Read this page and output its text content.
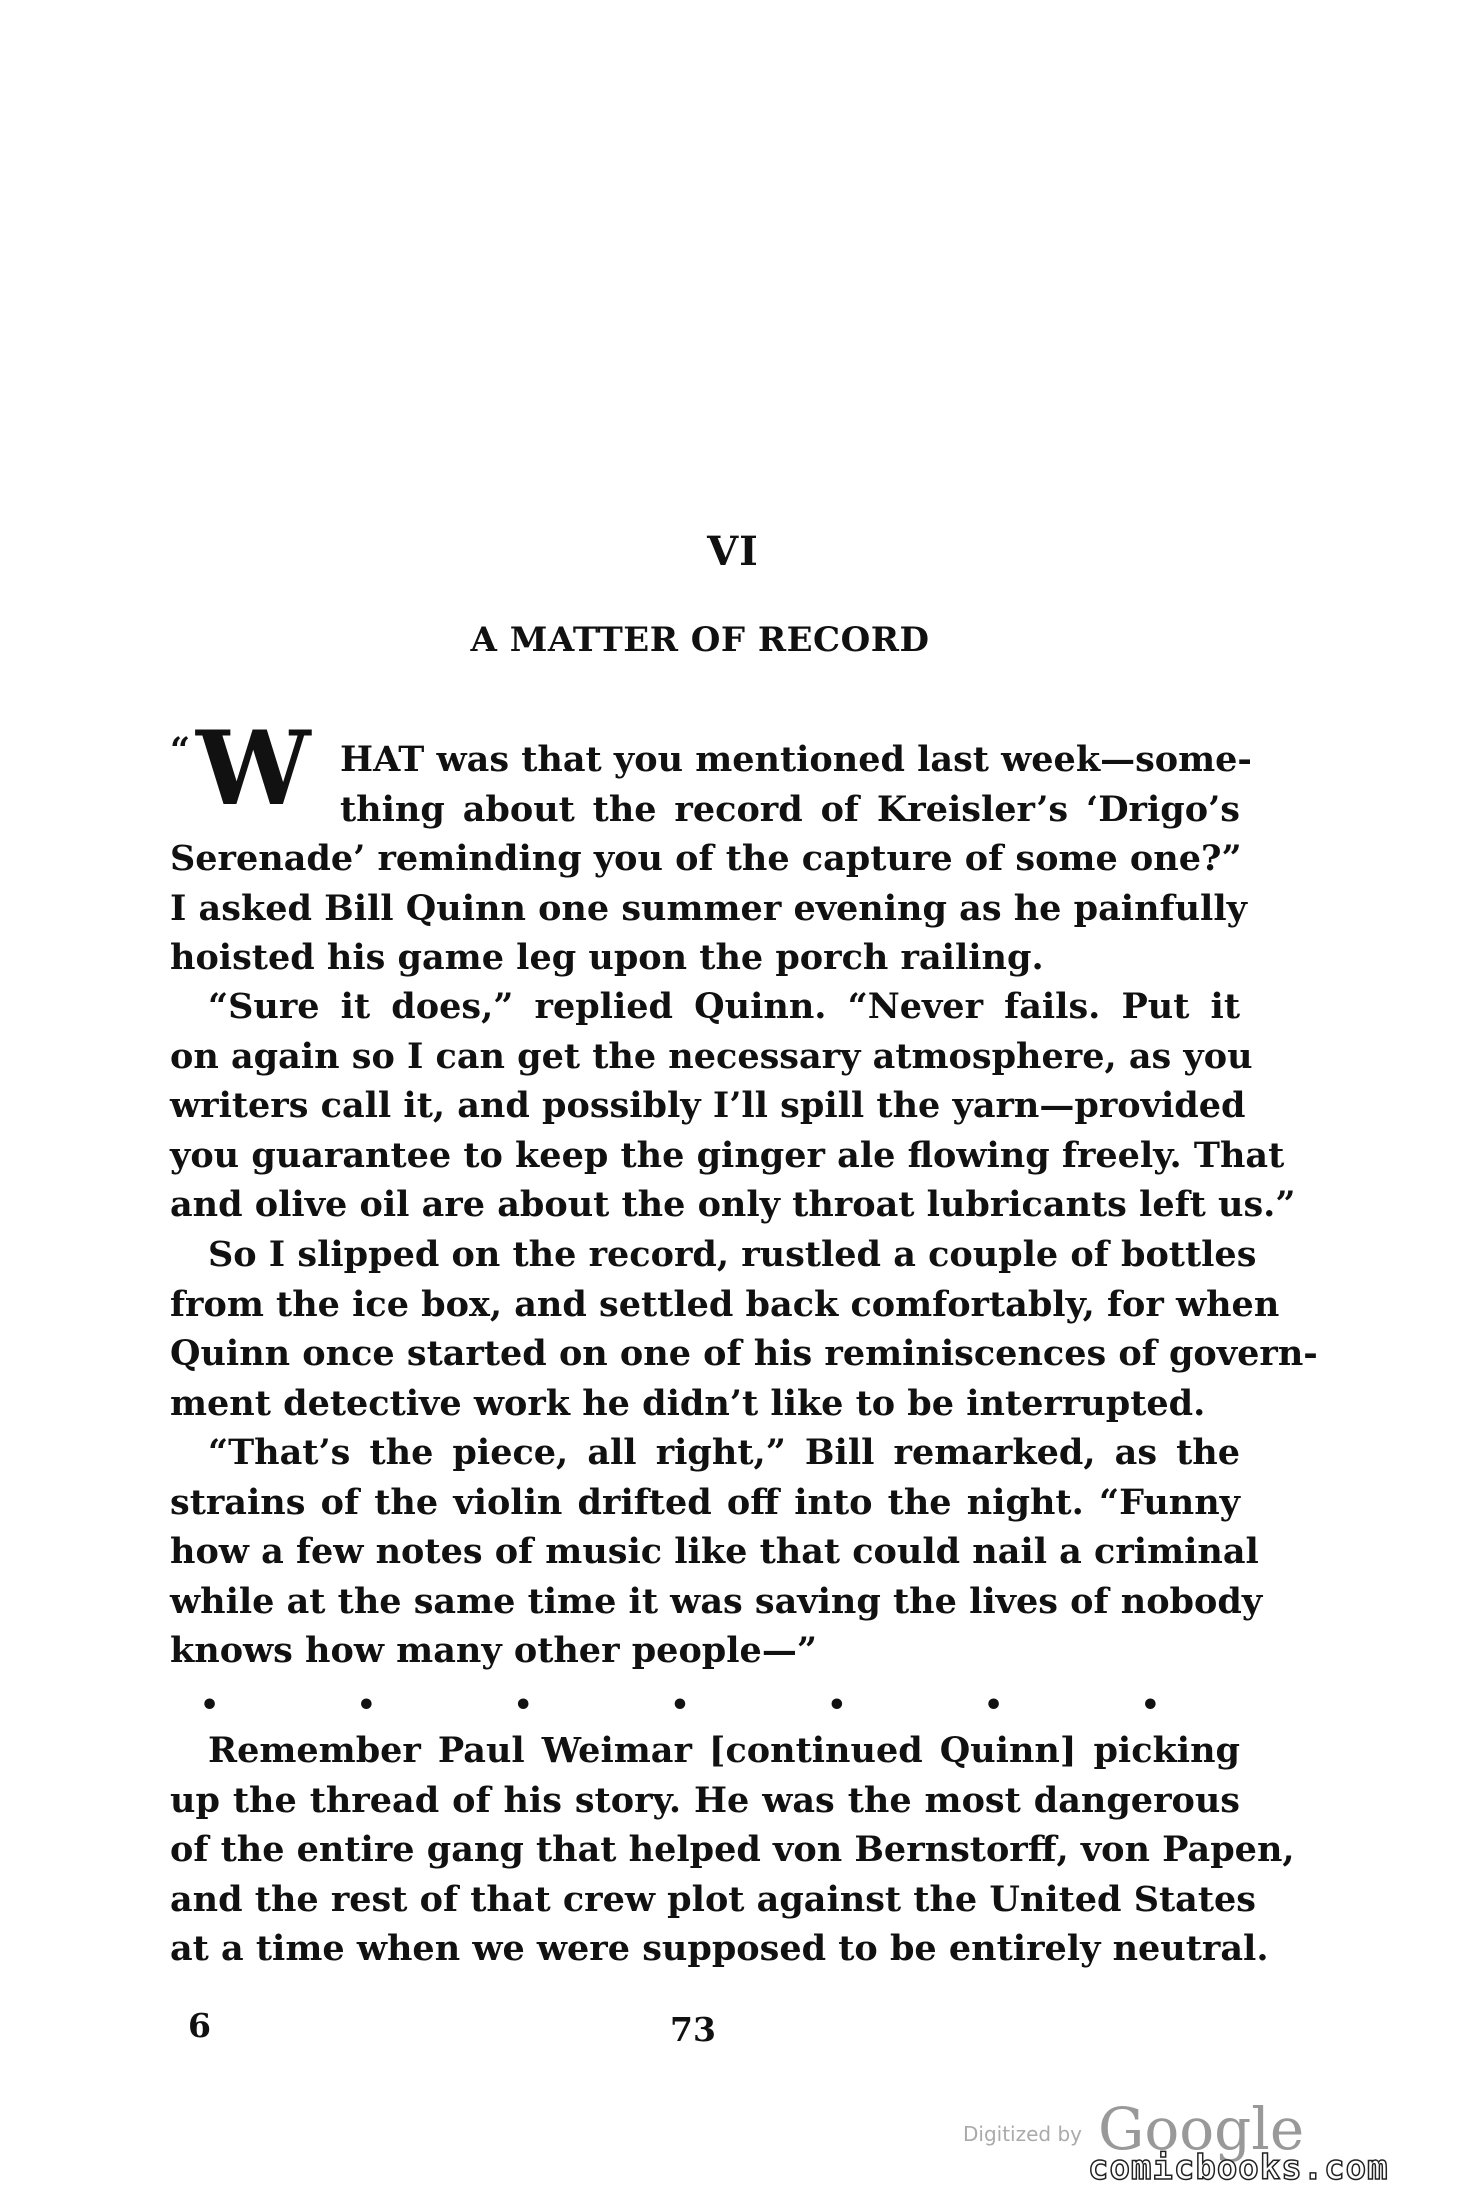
VI
A MATTER OF RECORD
“ W HAT was that you mentioned last week—some-
thing about the record of Kreisler’s ‘Drigo’s
Serenade’ reminding you of the capture of some one?”
I asked Bill Quinn one summer evening as he painfully
hoisted his game leg upon the porch railing.
“Sure it does,” replied Quinn. “Never fails. Put it
on again so I can get the necessary atmosphere, as you
writers call it, and possibly I’ll spill the yarn—provided
you guarantee to keep the ginger ale flowing freely. That
and olive oil are about the only throat lubricants left us.”
So I slipped on the record, rustled a couple of bottles
from the ice box, and settled back comfortably, for when
Quinn once started on one of his reminiscences of govern-
ment detective work he didn’t like to be interrupted.
“That’s the piece, all right,” Bill remarked, as the
strains of the violin drifted off into the night. “Funny
how a few notes of music like that could nail a criminal
while at the same time it was saving the lives of nobody
knows how many other people—”
•	•	•	•	•	•	•
Remember Paul Weimar [continued Quinn] picking
up the thread of his story. He was the most dangerous
of the entire gang that helped von Bernstorff, von Papen,
and the rest of that crew plot against the United States
at a time when we were supposed to be entirely neutral.
6	73
Digitized by Google
comicbooks.com
